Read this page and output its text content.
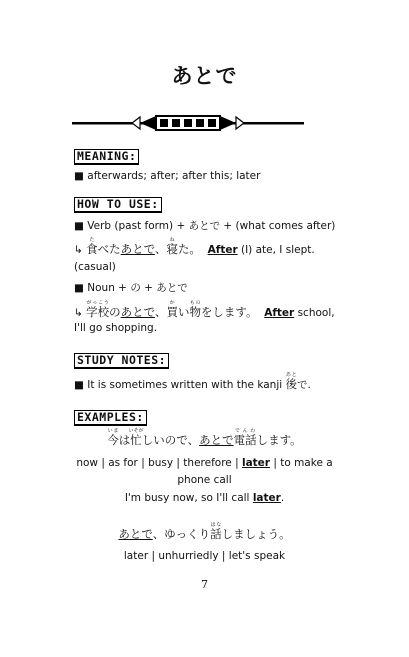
あとで
MEANING:
■ afterwards; after; after this; later
HOW TO USE:
■ Verb (past form) + あとで + (what comes after)
↳ 食たべたあとで、寝ねた。 After (I) ate, I slept.
(casual)
■ Noun + の + あとで
↳ 学校がっこうのあとで、買かい物ものをします。 After school,
I'll go shopping.
STUDY NOTES:
■ It is sometimes written with the kanji 後あとで.
EXAMPLES:
今いまは忙いそがしいので、あとで電話でんわします。
now | as for | busy | therefore | later | to make a
phone call
I'm busy now, so I'll call later.
あとで、ゆっくり話はなしましょう。
later | unhurriedly | let's speak
7
